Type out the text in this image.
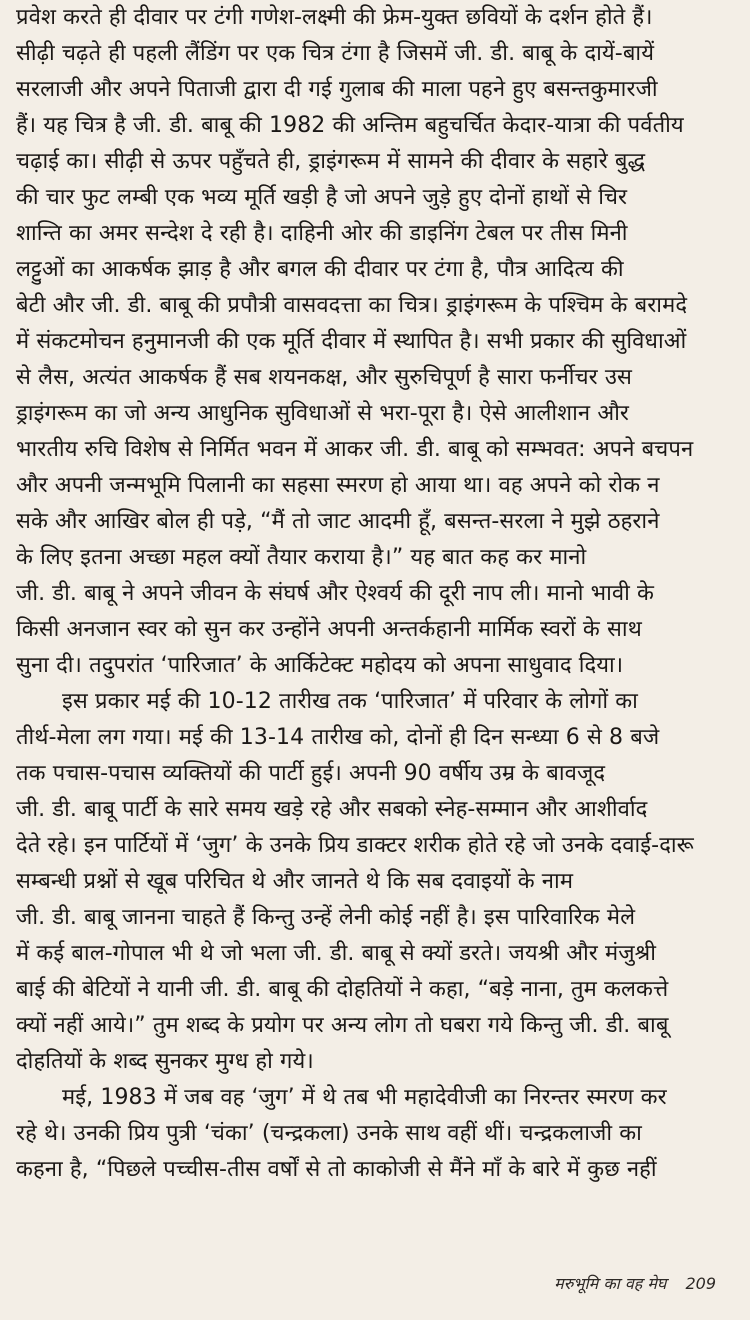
प्रवेश करते ही दीवार पर टंगी गणेश-लक्ष्मी की फ्रेम-युक्त छवियों के दर्शन होते हैं।
सीढ़ी चढ़ते ही पहली लैंडिंग पर एक चित्र टंगा है जिसमें जी. डी. बाबू के दायें-बायें
सरलाजी और अपने पिताजी द्वारा दी गई गुलाब की माला पहने हुए बसन्तकुमारजी
हैं। यह चित्र है जी. डी. बाबू की 1982 की अन्तिम बहुचर्चित केदार-यात्रा की पर्वतीय
चढ़ाई का। सीढ़ी से ऊपर पहुँचते ही, ड्राइंगरूम में सामने की दीवार के सहारे बुद्ध
की चार फुट लम्बी एक भव्य मूर्ति खड़ी है जो अपने जुड़े हुए दोनों हाथों से चिर
शान्ति का अमर सन्देश दे रही है। दाहिनी ओर की डाइनिंग टेबल पर तीस मिनी
लट्टुओं का आकर्षक झाड़ है और बगल की दीवार पर टंगा है, पौत्र आदित्य की
बेटी और जी. डी. बाबू की प्रपौत्री वासवदत्ता का चित्र। ड्राइंगरूम के पश्चिम के बरामदे
में संकटमोचन हनुमानजी की एक मूर्ति दीवार में स्थापित है। सभी प्रकार की सुविधाओं
से लैस, अत्यंत आकर्षक हैं सब शयनकक्ष, और सुरुचिपूर्ण है सारा फर्नीचर उस
ड्राइंगरूम का जो अन्य आधुनिक सुविधाओं से भरा-पूरा है। ऐसे आलीशान और
भारतीय रुचि विशेष से निर्मित भवन में आकर जी. डी. बाबू को सम्भवत: अपने बचपन
और अपनी जन्मभूमि पिलानी का सहसा स्मरण हो आया था। वह अपने को रोक न
सके और आखिर बोल ही पड़े, “मैं तो जाट आदमी हूँ, बसन्त-सरला ने मुझे ठहराने
के लिए इतना अच्छा महल क्यों तैयार कराया है।” यह बात कह कर मानो
जी. डी. बाबू ने अपने जीवन के संघर्ष और ऐश्वर्य की दूरी नाप ली। मानो भावी के
किसी अनजान स्वर को सुन कर उन्होंने अपनी अन्तर्कहानी मार्मिक स्वरों के साथ
सुना दी। तदुपरांत ‘पारिजात’ के आर्किटेक्ट महोदय को अपना साधुवाद दिया।
इस प्रकार मई की 10-12 तारीख तक ‘पारिजात’ में परिवार के लोगों का
तीर्थ-मेला लग गया। मई की 13-14 तारीख को, दोनों ही दिन सन्ध्या 6 से 8 बजे
तक पचास-पचास व्यक्तियों की पार्टी हुई। अपनी 90 वर्षीय उम्र के बावजूद
जी. डी. बाबू पार्टी के सारे समय खड़े रहे और सबको स्नेह-सम्मान और आशीर्वाद
देते रहे। इन पार्टियों में ‘जुग’ के उनके प्रिय डाक्टर शरीक होते रहे जो उनके दवाई-दारू
सम्बन्धी प्रश्नों से खूब परिचित थे और जानते थे कि सब दवाइयों के नाम
जी. डी. बाबू जानना चाहते हैं किन्तु उन्हें लेनी कोई नहीं है। इस पारिवारिक मेले
में कई बाल-गोपाल भी थे जो भला जी. डी. बाबू से क्यों डरते। जयश्री और मंजुश्री
बाई की बेटियों ने यानी जी. डी. बाबू की दोहतियों ने कहा, “बड़े नाना, तुम कलकत्ते
क्यों नहीं आये।” तुम शब्द के प्रयोग पर अन्य लोग तो घबरा गये किन्तु जी. डी. बाबू
दोहतियों के शब्द सुनकर मुग्ध हो गये।
मई, 1983 में जब वह ‘जुग’ में थे तब भी महादेवीजी का निरन्तर स्मरण कर
रहे थे। उनकी प्रिय पुत्री ‘चंका’ (चन्द्रकला) उनके साथ वहीं थीं। चन्द्रकलाजी का
कहना है, “पिछले पच्चीस-तीस वर्षों से तो काकोजी से मैंने माँ के बारे में कुछ नहीं
मरुभूमि का वह मेघ 209
